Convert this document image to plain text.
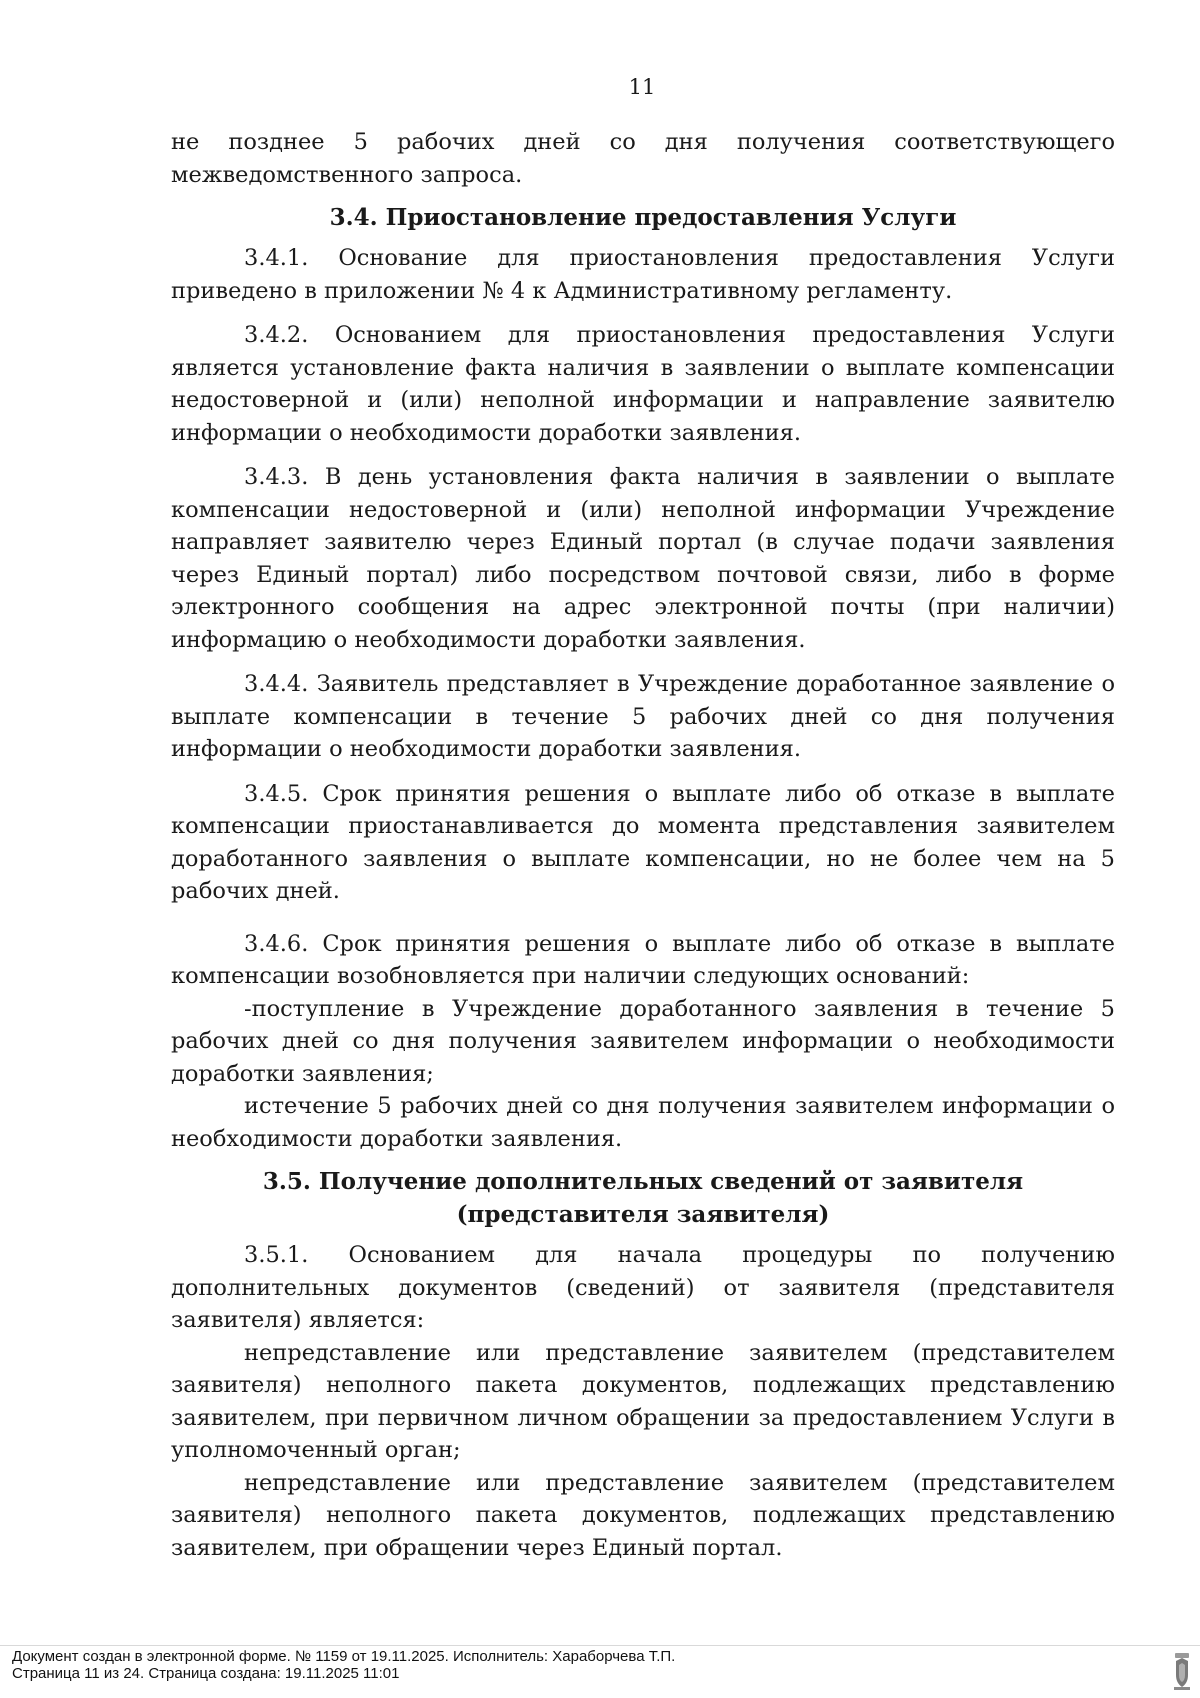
11

не позднее 5 рабочих дней со дня получения соответствующего межведомственного запроса.

3.4. Приостановление предоставления Услуги

3.4.1. Основание для приостановления предоставления Услуги приведено в приложении № 4 к Административному регламенту.

3.4.2. Основанием для приостановления предоставления Услуги является установление факта наличия в заявлении о выплате компенсации недостоверной и (или) неполной информации и направление заявителю информации о необходимости доработки заявления.

3.4.3. В день установления факта наличия в заявлении о выплате компенсации недостоверной и (или) неполной информации Учреждение направляет заявителю через Единый портал (в случае подачи заявления через Единый портал) либо посредством почтовой связи, либо в форме электронного сообщения на адрес электронной почты (при наличии) информацию о необходимости доработки заявления.

3.4.4. Заявитель представляет в Учреждение доработанное заявление о выплате компенсации в течение 5 рабочих дней со дня получения информации о необходимости доработки заявления.

3.4.5. Срок принятия решения о выплате либо об отказе в выплате компенсации приостанавливается до момента представления заявителем доработанного заявления о выплате компенсации, но не более чем на 5 рабочих дней.

3.4.6. Срок принятия решения о выплате либо об отказе в выплате компенсации возобновляется при наличии следующих оснований:

-поступление в Учреждение доработанного заявления в течение 5 рабочих дней со дня получения заявителем информации о необходимости доработки заявления;

истечение 5 рабочих дней со дня получения заявителем информации о необходимости доработки заявления.

3.5. Получение дополнительных сведений от заявителя (представителя заявителя)

3.5.1. Основанием для начала процедуры по получению дополнительных документов (сведений) от заявителя (представителя заявителя) является:

непредставление или представление заявителем (представителем заявителя) неполного пакета документов, подлежащих представлению заявителем, при первичном личном обращении за предоставлением Услуги в уполномоченный орган;

непредставление или представление заявителем (представителем заявителя) неполного пакета документов, подлежащих представлению заявителем, при обращении через Единый портал.

Документ создан в электронной форме. № 1159 от 19.11.2025. Исполнитель: Хараборчева Т.П.
Страница 11 из 24. Страница создана: 19.11.2025 11:01
